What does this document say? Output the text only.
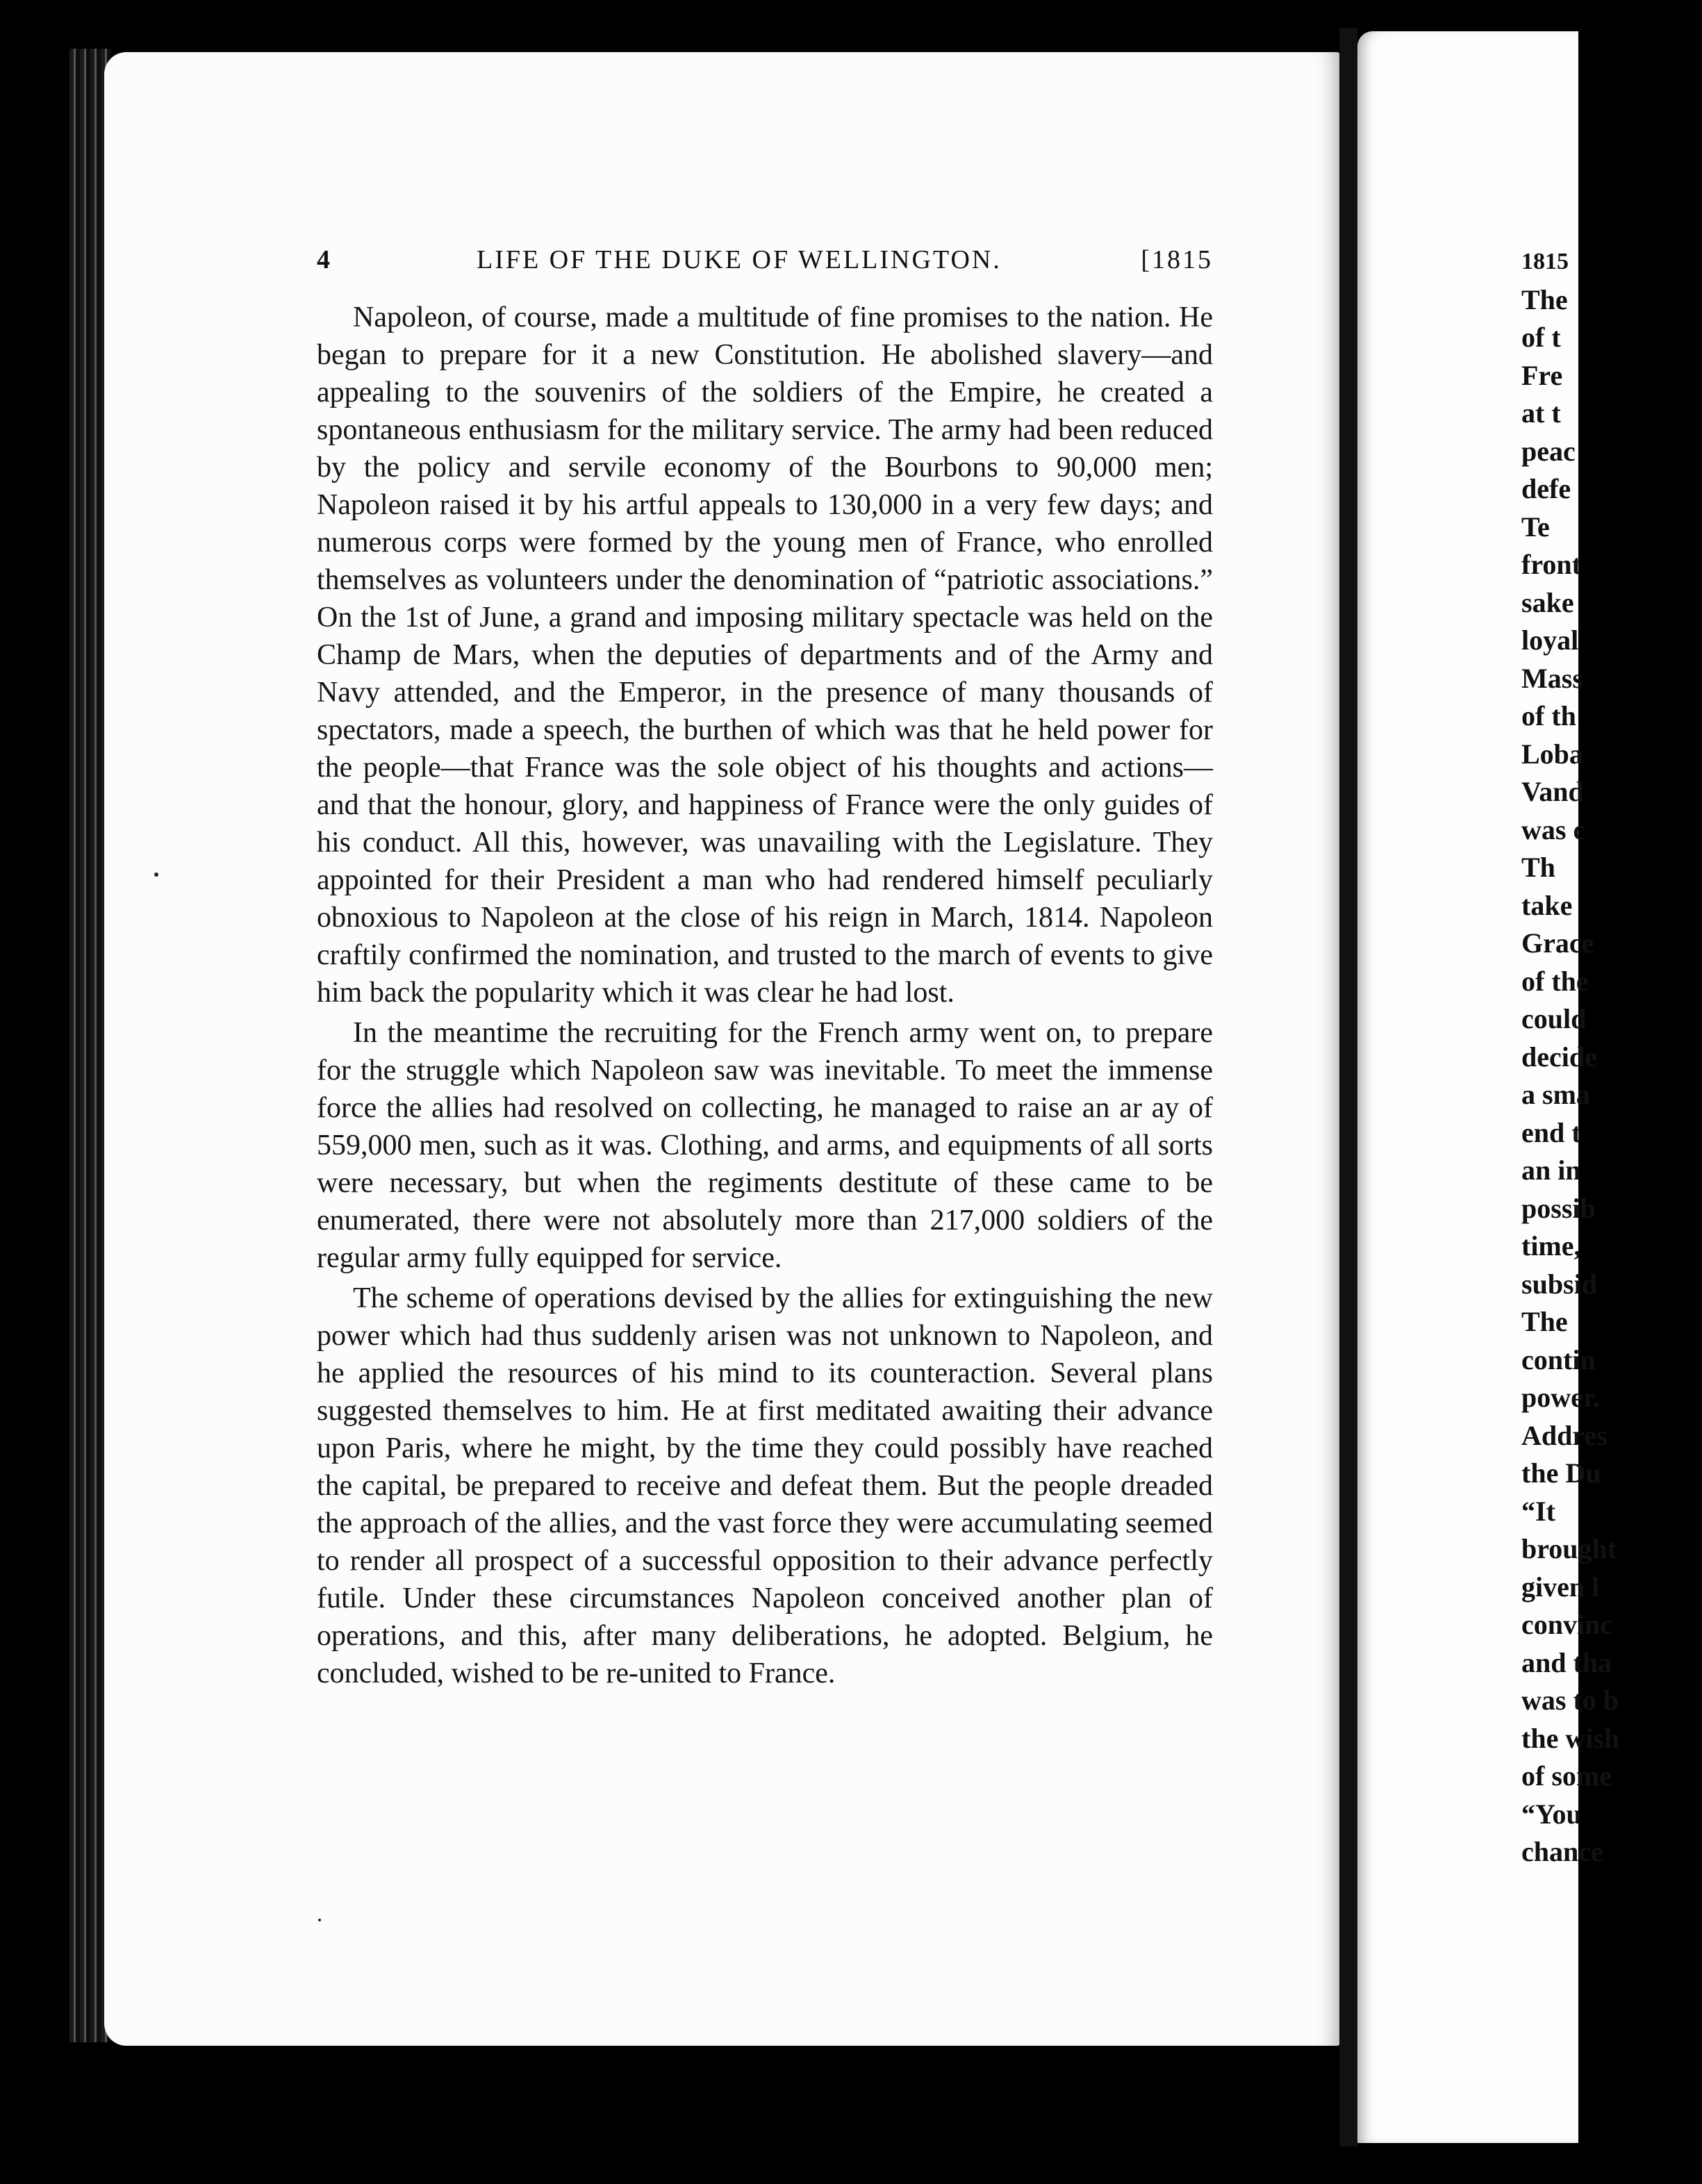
4	LIFE OF THE DUKE OF WELLINGTON.	[1815

Napoleon, of course, made a multitude of fine promises to the nation. He began to prepare for it a new Constitution. He abolished slavery—and appealing to the souvenirs of the soldiers of the Empire, he created a spontaneous enthusiasm for the military service. The army had been reduced by the policy and servile economy of the Bourbons to 90,000 men; Napoleon raised it by his artful appeals to 130,000 in a very few days; and numerous corps were formed by the young men of France, who enrolled themselves as volunteers under the denomination of “patriotic associations.” On the 1st of June, a grand and imposing military spectacle was held on the Champ de Mars, when the deputies of departments and of the Army and Navy attended, and the Emperor, in the presence of many thousands of spectators, made a speech, the burthen of which was that he held power for the people—that France was the sole object of his thoughts and actions—and that the honour, glory, and happiness of France were the only guides of his conduct. All this, however, was unavailing with the Legislature. They appointed for their President a man who had rendered himself peculiarly obnoxious to Napoleon at the close of his reign in March, 1814. Napoleon craftily confirmed the nomination, and trusted to the march of events to give him back the popularity which it was clear he had lost.

In the meantime the recruiting for the French army went on, to prepare for the struggle which Napoleon saw was inevitable. To meet the immense force the allies had resolved on collecting, he managed to raise an ar ay of 559,000 men, such as it was. Clothing, and arms, and equipments of all sorts were necessary, but when the regiments destitute of these came to be enumerated, there were not absolutely more than 217,000 soldiers of the regular army fully equipped for service.

The scheme of operations devised by the allies for extinguishing the new power which had thus suddenly arisen was not unknown to Napoleon, and he applied the resources of his mind to its counteraction. Several plans suggested themselves to him. He at first meditated awaiting their advance upon Paris, where he might, by the time they could possibly have reached the capital, be prepared to receive and defeat them. But the people dreaded the approach of the allies, and the vast force they were accumulating seemed to render all prospect of a successful opposition to their advance perfectly futile. Under these circumstances Napoleon conceived another plan of operations, and this, after many deliberations, he adopted. Belgium, he concluded, wished to be re-united to France.

1815
The
of t
Fre
at t
peac
defe
Te
front
sake
loyal
Mass
of th
Loba
Vand
was c
Th
take
Grace
of the
could
decide
a sma
end t
an in
possib
time,
subsid
The
contin
power.
Addres
the Du
“It
brought
given l
convinc
and tha
was to b
the wish
of some
“You
chance
